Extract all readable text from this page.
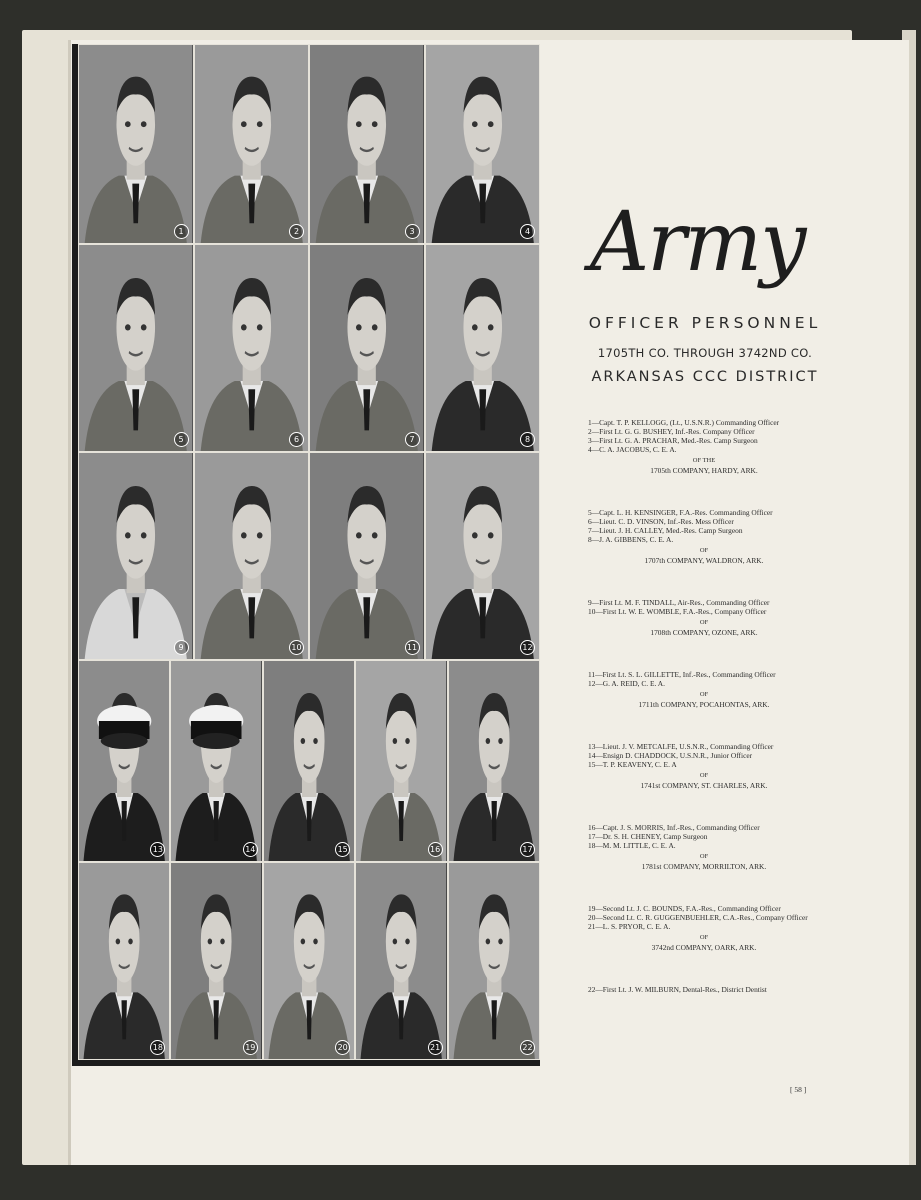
1	2	3	4
5	6	7	8
9	10	11	12
13	14	15	16	17
18	19	20	21	22
Army
OFFICER PERSONNEL
1705TH CO. THROUGH 3742ND CO.
ARKANSAS CCC DISTRICT
1—Capt. T. P. KELLOGG, (Lt., U.S.N.R.) Commanding Officer
2—First Lt. G. G. BUSHEY, Inf.-Res. Company Officer
3—First Lt. G. A. PRACHAR, Med.-Res. Camp Surgeon
4—C. A. JACOBUS, C. E. A.
OF THE
1705th COMPANY, HARDY, ARK.
5—Capt. L. H. KENSINGER, F.A.-Res. Commanding Officer
6—Lieut. C. D. VINSON, Inf.-Res. Mess Officer
7—Lieut. J. H. CALLEY, Med.-Res. Camp Surgeon
8—J. A. GIBBENS, C. E. A.
OF
1707th COMPANY, WALDRON, ARK.
9—First Lt. M. F. TINDALL, Air-Res., Commanding Officer
10—First Lt. W. E. WOMBLE, F.A.-Res., Company Officer
OF
1708th COMPANY, OZONE, ARK.
11—First Lt. S. L. GILLETTE, Inf.-Res., Commanding Officer
12—G. A. REID, C. E. A.
OF
1711th COMPANY, POCAHONTAS, ARK.
13—Lieut. J. V. METCALFE, U.S.N.R., Commanding Officer
14—Ensign D. CHADDOCK, U.S.N.R., Junior Officer
15—T. P. KEAVENY, C. E. A
OF
1741st COMPANY, ST. CHARLES, ARK.
16—Capt. J. S. MORRIS, Inf.-Res., Commanding Officer
17—Dr. S. H. CHENEY, Camp Surgeon
18—M. M. LITTLE, C. E. A.
OF
1781st COMPANY, MORRILTON, ARK.
19—Second Lt. J. C. BOUNDS, F.A.-Res., Commanding Officer
20—Second Lt. C. R. GUGGENBUEHLER, C.A.-Res., Company Officer
21—L. S. PRYOR, C. E. A.
OF
3742nd COMPANY, OARK, ARK.
22—First Lt. J. W. MILBURN, Dental-Res., District Dentist
[ 58 ]
